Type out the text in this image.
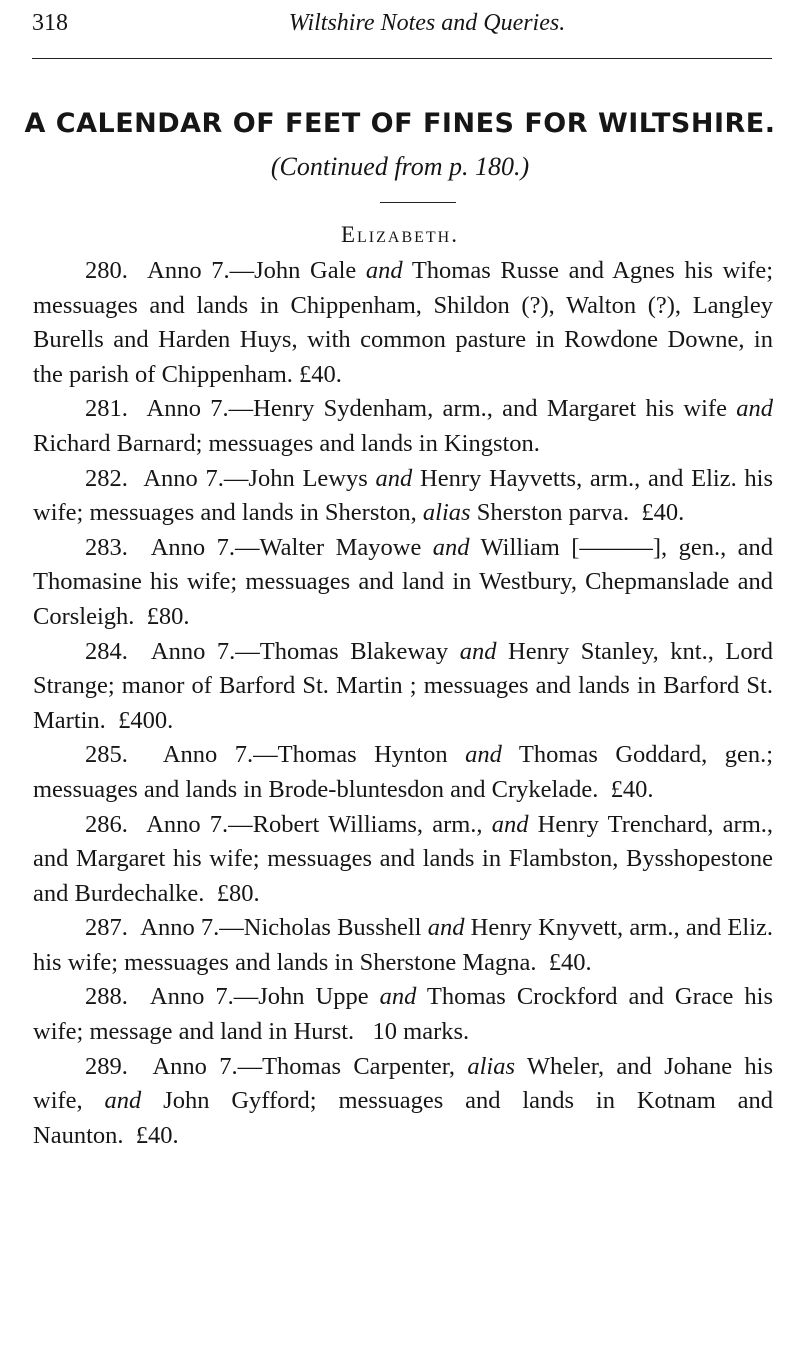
318	Wiltshire Notes and Queries.
A CALENDAR OF FEET OF FINES FOR WILTSHIRE.
(Continued from p. 180.)
Elizabeth.

280. Anno 7.—John Gale and Thomas Russe and Agnes his wife; messuages and lands in Chippenham, Shildon (?), Walton (?), Langley Burells and Harden Huys, with common pasture in Rowdone Downe, in the parish of Chippenham. £40.

281. Anno 7.—Henry Sydenham, arm., and Margaret his wife and Richard Barnard; messuages and lands in Kingston.

282. Anno 7.—John Lewys and Henry Hayvetts, arm., and Eliz. his wife; messuages and lands in Sherston, alias Sherston parva. £40.

283. Anno 7.—Walter Mayowe and William [———], gen., and Thomasine his wife; messuages and land in Westbury, Chepmanslade and Corsleigh. £80.

284. Anno 7.—Thomas Blakeway and Henry Stanley, knt., Lord Strange; manor of Barford St. Martin ; messuages and lands in Barford St. Martin. £400.

285. Anno 7.—Thomas Hynton and Thomas Goddard, gen.; messuages and lands in Brode-bluntesdon and Crykelade. £40.

286. Anno 7.—Robert Williams, arm., and Henry Trenchard, arm., and Margaret his wife; messuages and lands in Flambston, Bysshopestone and Burdechalke. £80.

287. Anno 7.—Nicholas Busshell and Henry Knyvett, arm., and Eliz. his wife; messuages and lands in Sherstone Magna. £40.

288. Anno 7.—John Uppe and Thomas Crockford and Grace his wife; message and land in Hurst. 10 marks.

289. Anno 7.—Thomas Carpenter, alias Wheler, and Johane his wife, and John Gyfford; messuages and lands in Kotnam and Naunton. £40.
